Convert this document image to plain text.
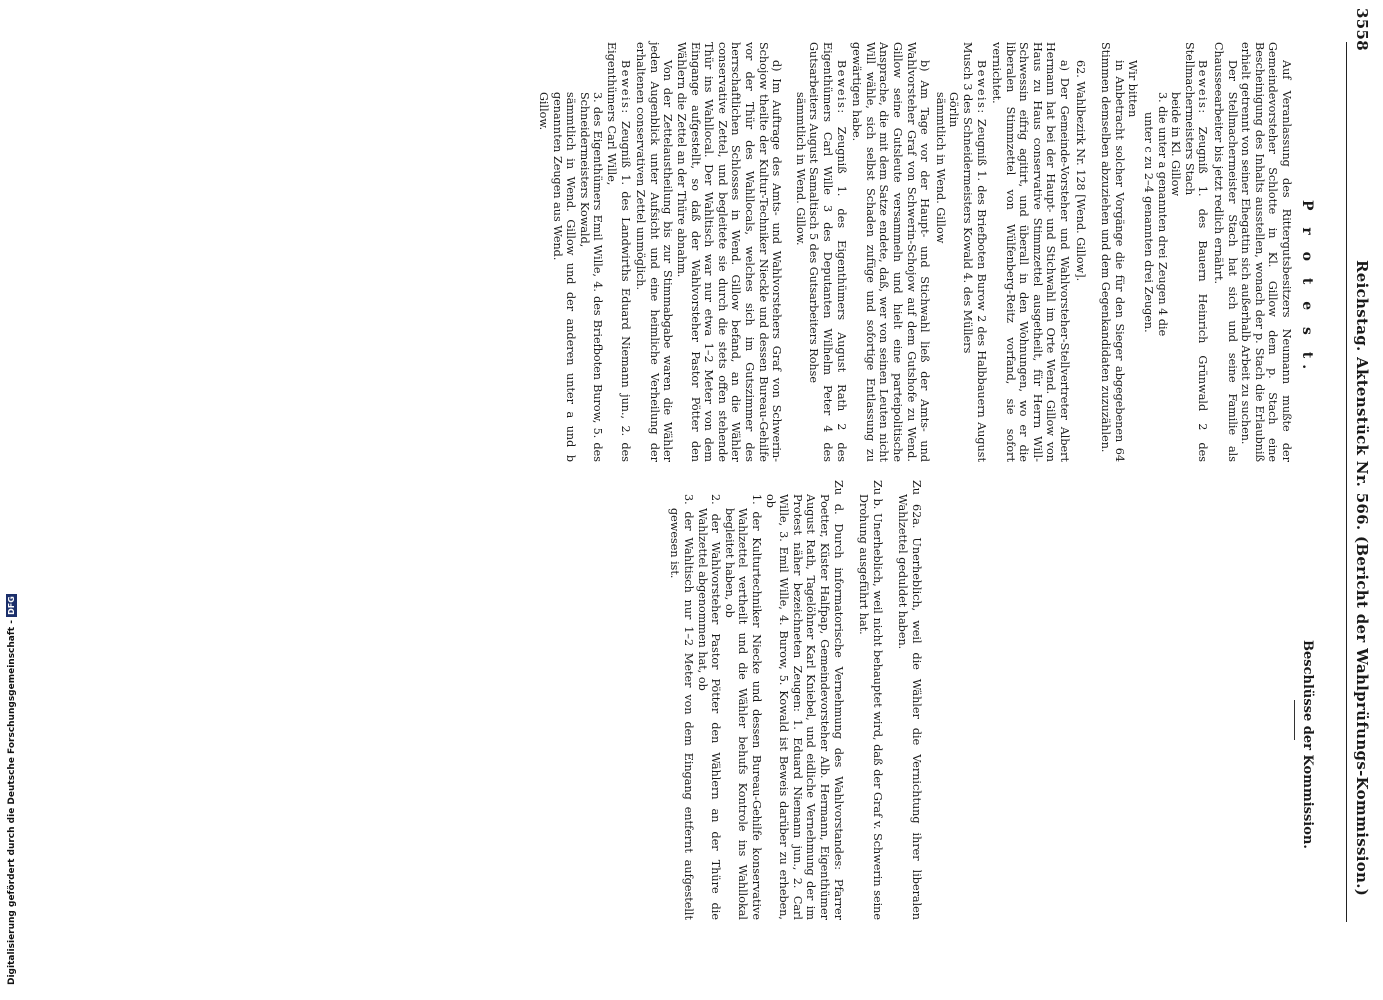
3558
Reichstag. Aktenstück Nr. 566. (Bericht der Wahlprüfungs-Kommission.)
P r o t e s t.
Beschlüsse der Kommission.

Auf Veranlassung des Rittergutsbesitzers Neumann mußte der Gemeindevorsteher Schlotte in Kl. Gillow dem p. Stach eine Bescheinigung des Inhalts ausstellen, wonach der p. Stach die Erlaubniß erhielt getrennt von seiner Ehegattin sich außerhalb Arbeit zu suchen.

Der Stellmachermeister Stach hat sich und seine Familie als Chausseearbeiter bis jetzt redlich ernährt.

Beweis: Zeugniß 1. des Bauern Heinrich Grünwald 2 des Stellmachermeisters Stach

beide in Kl. Gillow

3. die unter a genannten drei Zeugen 4 die

unter c zu 2–4 genannten drei Zeugen.

Wir bitten

in Anbetracht solcher Vorgänge die für den Sieger abgegebenen 64 Stimmen demselben abzuziehen und dem Gegenkandidaten zuzuzählen.

62. Wahlbezirk Nr. 128 [Wend. Gillow].

a) Der Gemeinde-Vorsteher und Wahlvorsteher-Stellvertreter Albert Hermann hat bei der Haupt- und Stichwahl im Orte Wend. Gillow von Haus zu Haus conservative Stimmzettel ausgetheilt, für Herrn Will-Schwessin eifrig agitirt, und überall in den Wohnungen, wo er die liberalen Stimmzettel von Wülfenberg-Reitz vorfand, sie sofort vernichtet.

Beweis: Zeugniß 1. des Briefboten Burow 2 des Halbbauern August Musch 3 des Schneidermeisters Kowald 4. des Müllers

Görlin

sämmtlich in Wend. Gillow

b) Am Tage vor der Haupt- und Stichwahl ließ der Amts- und Wahlvorsteher Graf von Schwerin-Schojow auf dem Gutshofe zu Wend. Gillow seine Gutsleute versammeln und hielt eine parteipolitische Ansprache, die mit dem Satze endete, daß, wer von seinen Leuten nicht Will wähle, sich selbst Schaden zufüge und sofortige Entlassung zu gewärtigen habe.

Beweis: Zeugniß 1. des Eigenthümers August Rath 2 des Eigenthümers Carl Wille 3 des Deputanten Wilhelm Peter 4 des Gutsarbeiters August Samaltisch 5 des Gutsarbeiters Rohse

sämmtlich in Wend. Gillow.

d) Im Auftrage des Amts- und Wahlvorstehers Graf von Schwerin-Schojow theilte der Kultur-Techniker Nieckle und dessen Bureau-Gehilfe vor der Thür des Wahllocals, welches sich im Gutszimmer des herrschaftlichen Schlosses in Wend. Gillow befand, an die Wähler conservative Zettel, und begleitete sie durch die stets offen stehende Thür ins Wahllocal. Der Wahltisch war nur etwa 1–2 Meter von dem Eingange aufgestellt, so daß der Wahlvorsteher Pastor Pötter den Wählern die Zettel an der Thüre abnahm.

Von der Zettelaustheilung bis zur Stimmabgabe waren die Wähler jeden Augenblick unter Aufsicht und eine heimliche Verheilung der erhaltenen conservativen Zettel unmöglich.

Beweis: Zeugniß 1. des Landwirths Eduard Niemann jun., 2. des Eigenthümers Carl Wille,

3. des Eigenthümers Emil Wille, 4. des Briefboten Burow, 5. des Schneidermeisters Kowald,

sämmtlich in Wend. Gillow und der anderen unter a und b genannten Zeugen aus Wend.

Gillow.

Zu 62a. Unerheblich, weil die Wähler die Vernichtung ihrer liberalen Wahlzettel geduldet haben.

Zu b. Unerheblich, weil nicht behauptet wird, daß der Graf v. Schwerin seine Drohung ausgeführt hat.

Zu d. Durch informatorische Vernehmung des Wahlvorstandes: Pfarrer Poetter, Küster Halfpap, Gemeindevorsteher Alb. Hermann, Eigenthümer August Rath, Tagelöhner Karl Kniebel, und eidliche Vernehmung der im Protest näher bezeichneten Zeugen: 1. Eduard Niemann jun., 2. Carl Wille, 3. Emil Wille, 4. Burow, 5. Kowald ist Beweis darüber zu erheben, ob

1. der Kulturtechniker Niecke und dessen Bureau-Gehilfe konservative Wahlzettel vertheilt und die Wähler behufs Kontrole ins Wahllokal begleitet haben, ob

2. der Wahlvorsteher Pastor Pötter den Wählern an der Thüre die Wahlzettel abgenommen hat, ob

3. der Wahltisch nur 1–2 Meter von dem Eingang entfernt aufgestellt gewesen ist.

Digitalisierung gefördert durch die Deutsche Forschungsgemeinschaft - DFG
